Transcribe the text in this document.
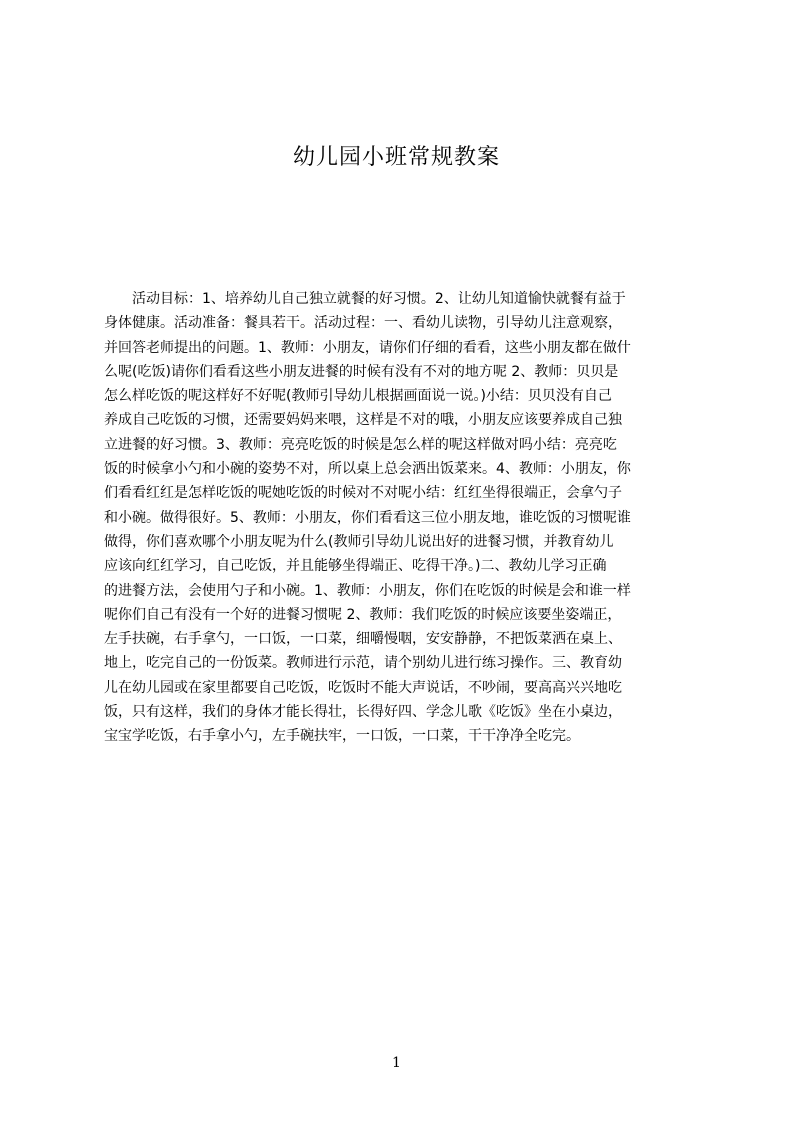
幼儿园小班常规教案
　　活动目标：1、培养幼儿自己独立就餐的好习惯。2、让幼儿知道愉快就餐有益于
身体健康。活动准备：餐具若干。活动过程：一、看幼儿读物，引导幼儿注意观察，
并回答老师提出的问题。1、教师：小朋友，请你们仔细的看看，这些小朋友都在做什
么呢(吃饭)请你们看看这些小朋友进餐的时候有没有不对的地方呢 2、教师：贝贝是
怎么样吃饭的呢这样好不好呢(教师引导幼儿根据画面说一说。)小结：贝贝没有自己
养成自己吃饭的习惯，还需要妈妈来喂，这样是不对的哦，小朋友应该要养成自己独
立进餐的好习惯。3、教师：亮亮吃饭的时候是怎么样的呢这样做对吗小结：亮亮吃
饭的时候拿小勺和小碗的姿势不对，所以桌上总会洒出饭菜来。4、教师：小朋友，你
们看看红红是怎样吃饭的呢她吃饭的时候对不对呢小结：红红坐得很端正，会拿勺子
和小碗。做得很好。5、教师：小朋友，你们看看这三位小朋友地，谁吃饭的习惯呢谁
做得，你们喜欢哪个小朋友呢为什么(教师引导幼儿说出好的进餐习惯，并教育幼儿
应该向红红学习，自己吃饭，并且能够坐得端正、吃得干净。)二、教幼儿学习正确
的进餐方法，会使用勺子和小碗。1、教师：小朋友，你们在吃饭的时候是会和谁一样
呢你们自己有没有一个好的进餐习惯呢 2、教师：我们吃饭的时候应该要坐姿端正，
左手扶碗，右手拿勺，一口饭，一口菜，细嚼慢咽，安安静静，不把饭菜洒在桌上、
地上，吃完自己的一份饭菜。教师进行示范，请个别幼儿进行练习操作。三、教育幼
儿在幼儿园或在家里都要自己吃饭，吃饭时不能大声说话，不吵闹，要高高兴兴地吃
饭，只有这样，我们的身体才能长得壮，长得好四、学念儿歌《吃饭》坐在小桌边，
宝宝学吃饭，右手拿小勺，左手碗扶牢，一口饭，一口菜，干干净净全吃完。
1
